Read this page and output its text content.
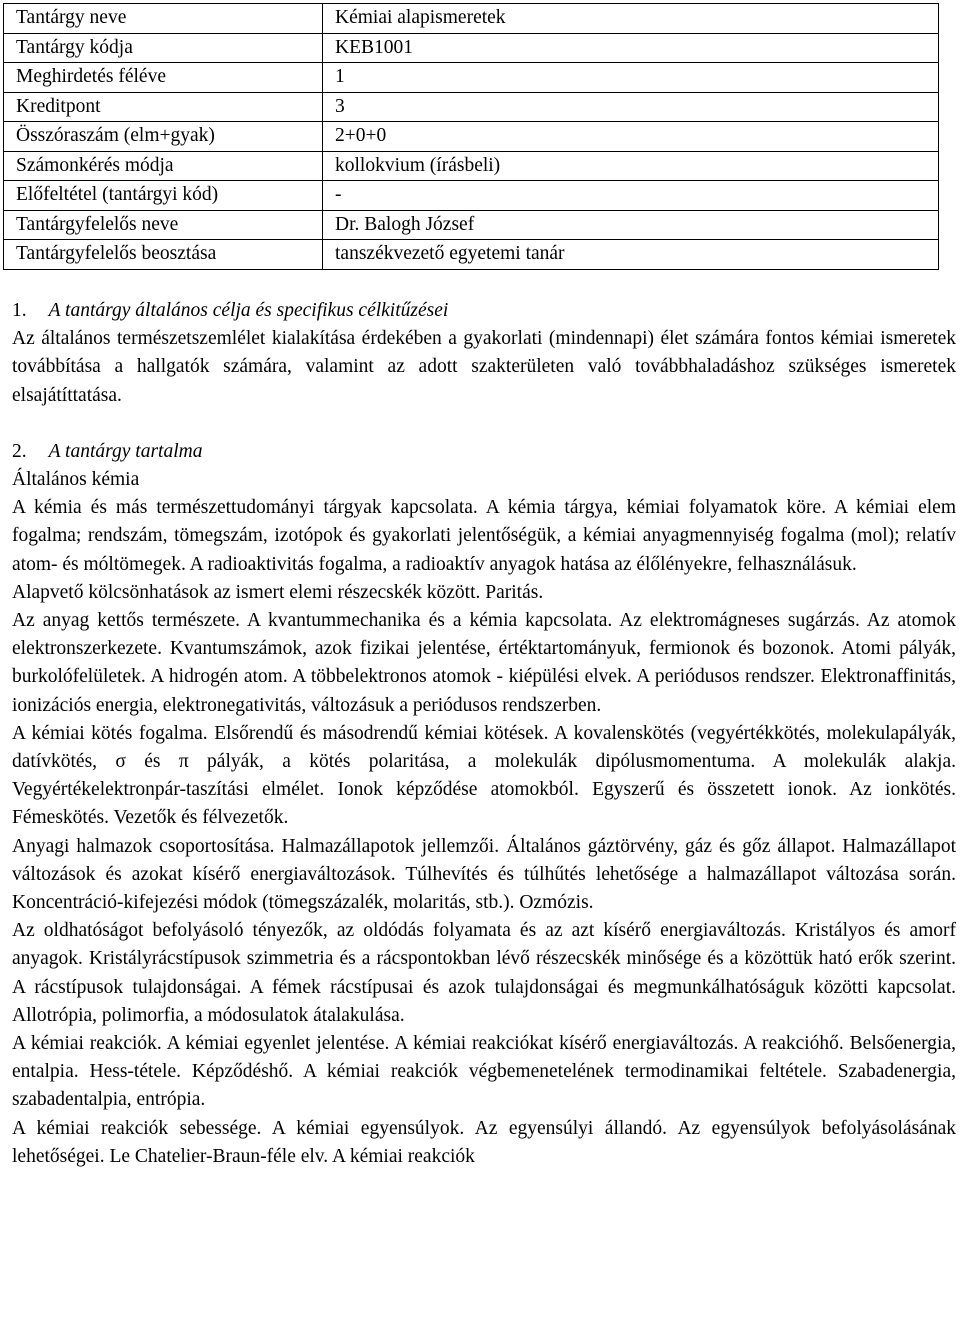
Tantárgy neve	Kémiai alapismeretek
Tantárgy kódja	KEB1001
Meghirdetés féléve	1
Kreditpont	3
Összóraszám (elm+gyak)	2+0+0
Számonkérés módja	kollokvium (írásbeli)
Előfeltétel (tantárgyi kód)	-
Tantárgyfelelős neve	Dr. Balogh József
Tantárgyfelelős beosztása	tanszékvezető egyetemi tanár

1. A tantárgy általános célja és specifikus célkitűzései

Az általános természetszemlélet kialakítása érdekében a gyakorlati (mindennapi) élet számára fontos kémiai ismeretek továbbítása a hallgatók számára, valamint az adott szakterületen való továbbhaladáshoz szükséges ismeretek elsajátíttatása.

2. A tantárgy tartalma

Általános kémia

A kémia és más természettudományi tárgyak kapcsolata. A kémia tárgya, kémiai folyamatok köre. A kémiai elem fogalma; rendszám, tömegszám, izotópok és gyakorlati jelentőségük, a kémiai anyagmennyiség fogalma (mol); relatív atom- és móltömegek. A radioaktivitás fogalma, a radioaktív anyagok hatása az élőlényekre, felhasználásuk.

Alapvető kölcsönhatások az ismert elemi részecskék között. Paritás.

Az anyag kettős természete. A kvantummechanika és a kémia kapcsolata. Az elektromágneses sugárzás. Az atomok elektronszerkezete. Kvantumszámok, azok fizikai jelentése, értéktartományuk, fermionok és bozonok. Atomi pályák, burkolófelületek. A hidrogén atom. A többelektronos atomok - kiépülési elvek. A periódusos rendszer. Elektronaffinitás, ionizációs energia, elektronegativitás, változásuk a periódusos rendszerben.

A kémiai kötés fogalma. Elsőrendű és másodrendű kémiai kötések. A kovalenskötés (vegyértékkötés, molekulapályák, datívkötés, σ és π pályák, a kötés polaritása, a molekulák dipólusmomentuma. A molekulák alakja. Vegyértékelektronpár-taszítási elmélet. Ionok képződése atomokból. Egyszerű és összetett ionok. Az ionkötés. Fémeskötés. Vezetők és félvezetők.

Anyagi halmazok csoportosítása. Halmazállapotok jellemzői. Általános gáztörvény, gáz és gőz állapot. Halmazállapot változások és azokat kísérő energiaváltozások. Túlhevítés és túlhűtés lehetősége a halmazállapot változása során. Koncentráció-kifejezési módok (tömegszázalék, molaritás, stb.). Ozmózis.

Az oldhatóságot befolyásoló tényezők, az oldódás folyamata és az azt kísérő energiaváltozás. Kristályos és amorf anyagok. Kristályrácstípusok szimmetria és a rácspontokban lévő részecskék minősége és a közöttük ható erők szerint. A rácstípusok tulajdonságai. A fémek rácstípusai és azok tulajdonságai és megmunkálhatóságuk közötti kapcsolat. Allotrópia, polimorfia, a módosulatok átalakulása.

A kémiai reakciók. A kémiai egyenlet jelentése. A kémiai reakciókat kísérő energiaváltozás. A reakcióhő. Belsőenergia, entalpia. Hess-tétele. Képződéshő. A kémiai reakciók végbemenetelének termodinamikai feltétele. Szabadenergia, szabadentalpia, entrópia.

A kémiai reakciók sebessége. A kémiai egyensúlyok. Az egyensúlyi állandó. Az egyensúlyok befolyásolásának lehetőségei. Le Chatelier-Braun-féle elv. A kémiai reakciók
